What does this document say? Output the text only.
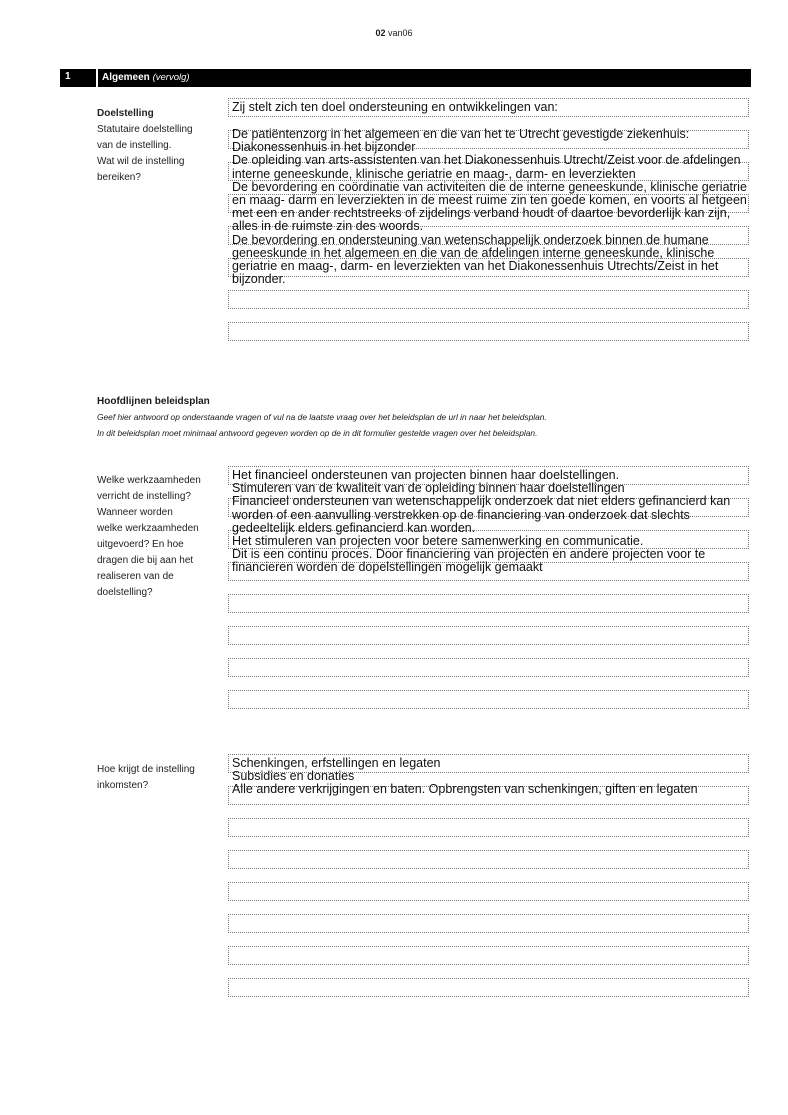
02 van06
1	Algemeen (vervolg)
Doelstelling
Statutaire doelstelling
van de instelling.
Wat wil de instelling
bereiken?
Zij stelt zich ten doel ondersteuning en ontwikkelingen van:
De patiëntenzorg in het algemeen en die van het te Utrecht gevestigde ziekenhuis:
Diakonessenhuis in het bijzonder
De opleiding van arts-assistenten van het Diakonessenhuis Utrecht/Zeist voor de afdelingen interne geneeskunde, klinische geriatrie en maag-, darm- en leverziekten
De bevordering en coördinatie van activiteiten die de interne geneeskunde, klinische geriatrie en maag- darm en leverziekten in de meest ruime zin ten goede komen, en voorts al hetgeen met een en ander rechtstreeks of zijdelings verband houdt of daartoe bevorderlijk kan zijn, alles in de ruimste zin des woords.
De bevordering en ondersteuning van wetenschappelijk onderzoek binnen de humane geneeskunde in het algemeen en die van de afdelingen interne geneeskunde, klinische geriatrie en maag-, darm- en leverziekten van het Diakonessenhuis Utrechts/Zeist in het bijzonder.
Hoofdlijnen beleidsplan
Geef hier antwoord op onderstaande vragen of vul na de laatste vraag over het beleidsplan de url in naar het beleidsplan.
In dit beleidsplan moet minimaal antwoord gegeven worden op de in dit formulier gestelde vragen over het beleidsplan.
Welke werkzaamheden
verricht de instelling?
Wanneer worden
welke werkzaamheden
uitgevoerd? En hoe
dragen die bij aan het
realiseren van de
doelstelling?
Het financieel ondersteunen van projecten binnen haar doelstellingen.
Stimuleren van de kwaliteit van de opleiding binnen haar doelstellingen
Financieel ondersteunen van wetenschappelijk onderzoek dat niet elders gefinancierd kan worden of een aanvulling verstrekken op de financiering van onderzoek dat slechts gedeeltelijk elders gefinancierd kan worden.
Het stimuleren van projecten voor betere samenwerking en communicatie.
Dit is een continu proces. Door financiering van projecten en andere projecten voor te financieren worden de dopelstellingen mogelijk gemaakt
Hoe krijgt de instelling
inkomsten?
Schenkingen, erfstellingen en legaten
Subsidies en donaties
Alle andere verkrijgingen en baten. Opbrengsten van schenkingen, giften en legaten
